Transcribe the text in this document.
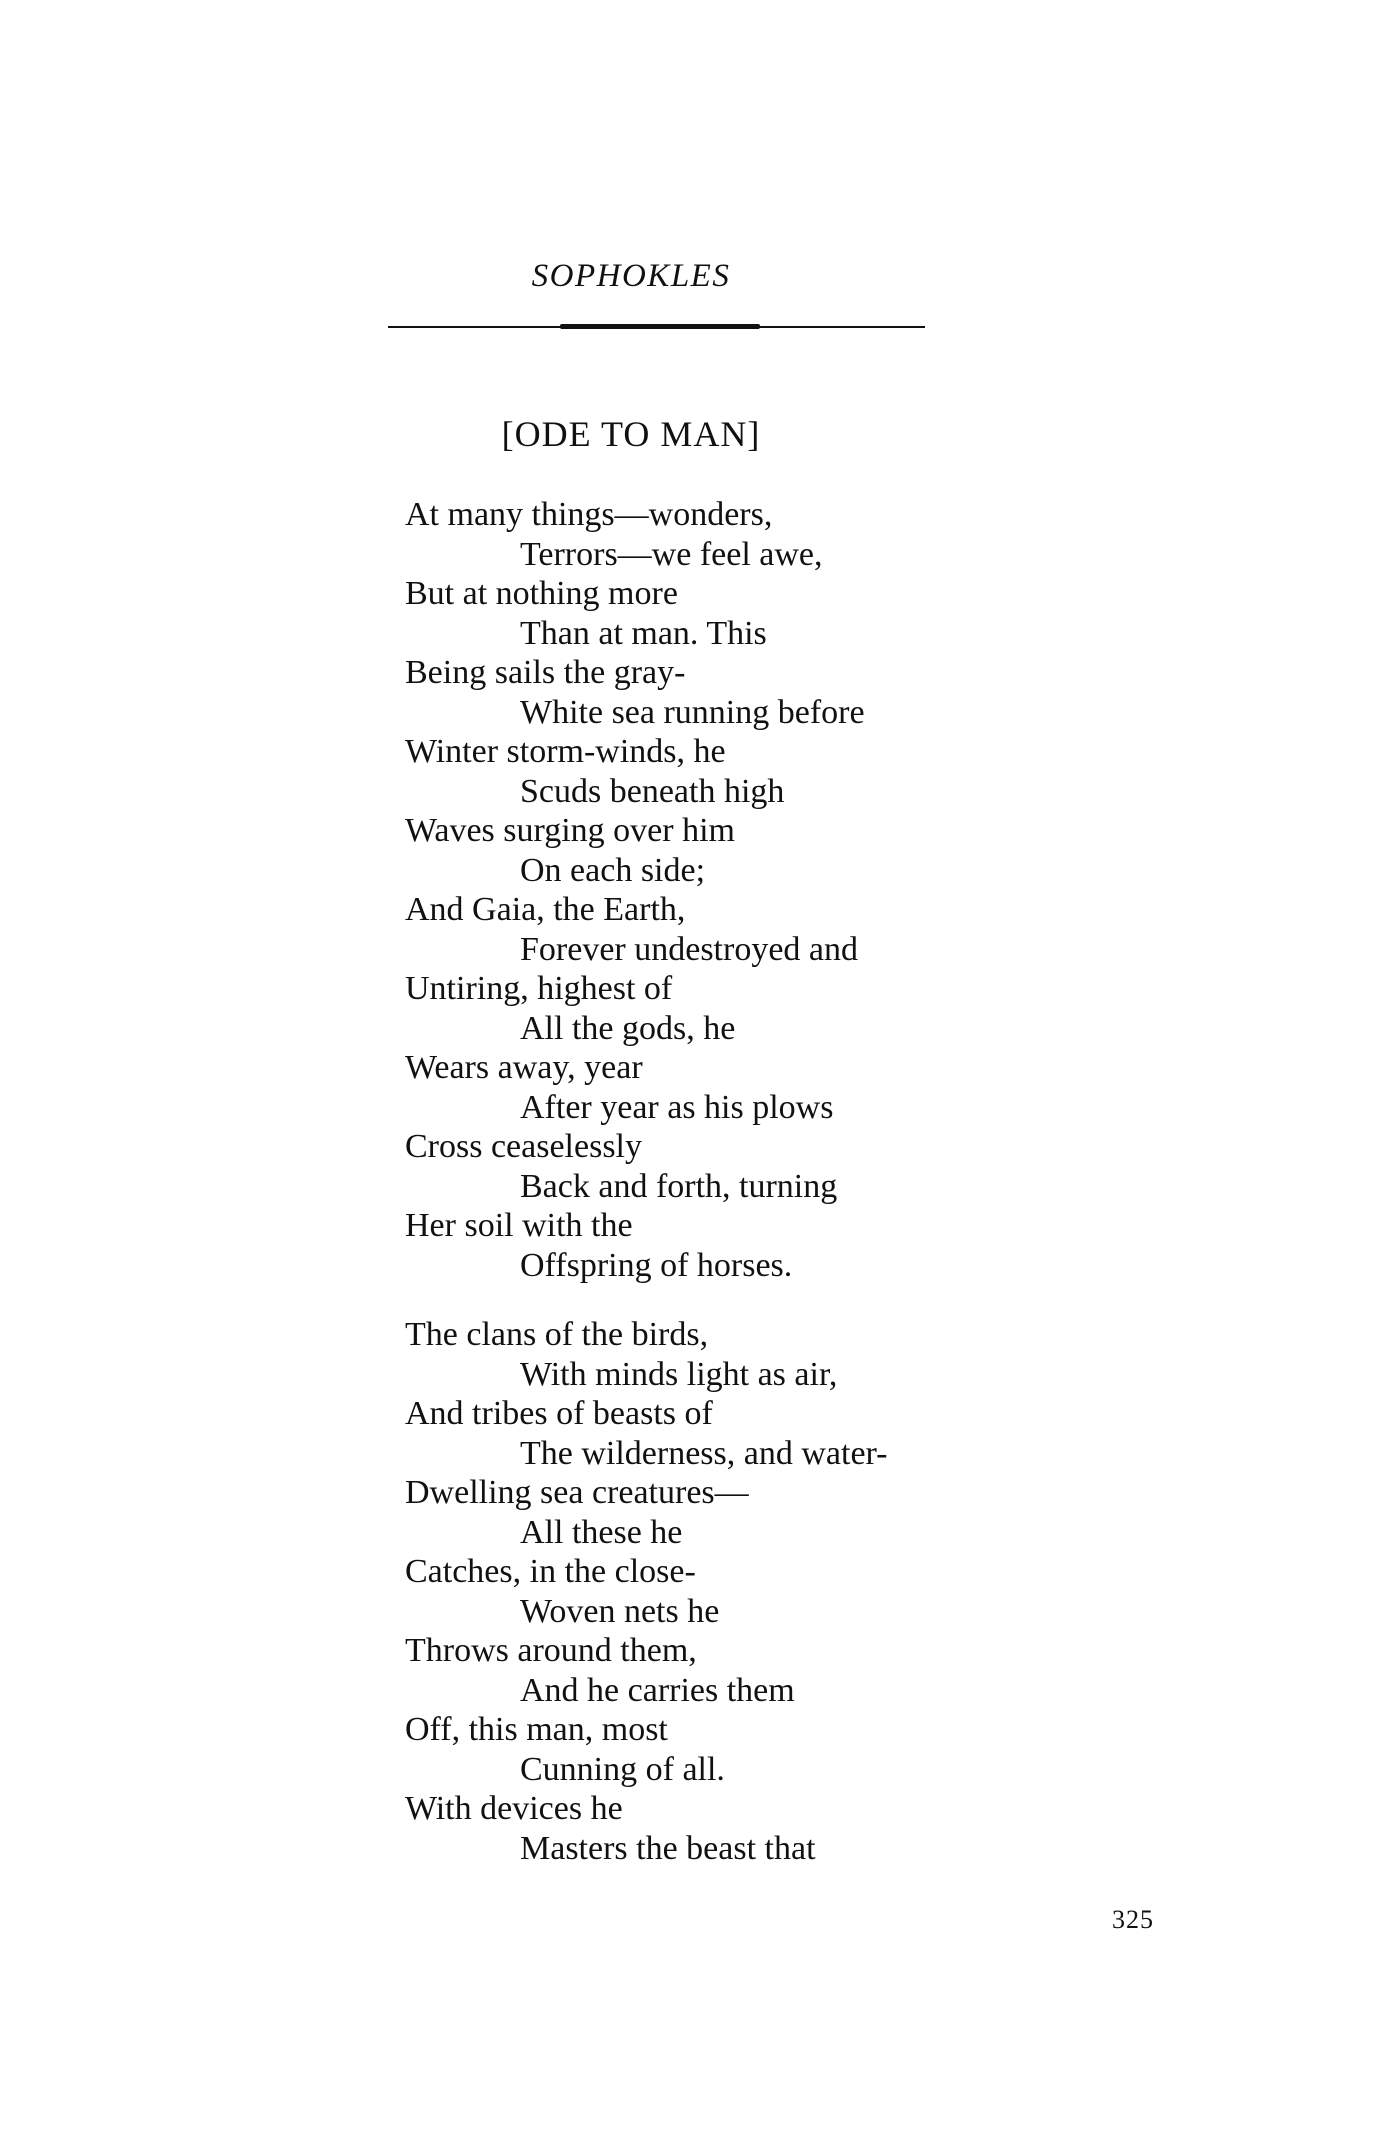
SOPHOKLES
[ODE TO MAN]
At many things—wonders,
Terrors—we feel awe,
But at nothing more
Than at man. This
Being sails the gray-
White sea running before
Winter storm-winds, he
Scuds beneath high
Waves surging over him
On each side;
And Gaia, the Earth,
Forever undestroyed and
Untiring, highest of
All the gods, he
Wears away, year
After year as his plows
Cross ceaselessly
Back and forth, turning
Her soil with the
Offspring of horses.
The clans of the birds,
With minds light as air,
And tribes of beasts of
The wilderness, and water-
Dwelling sea creatures—
All these he
Catches, in the close-
Woven nets he
Throws around them,
And he carries them
Off, this man, most
Cunning of all.
With devices he
Masters the beast that
325
